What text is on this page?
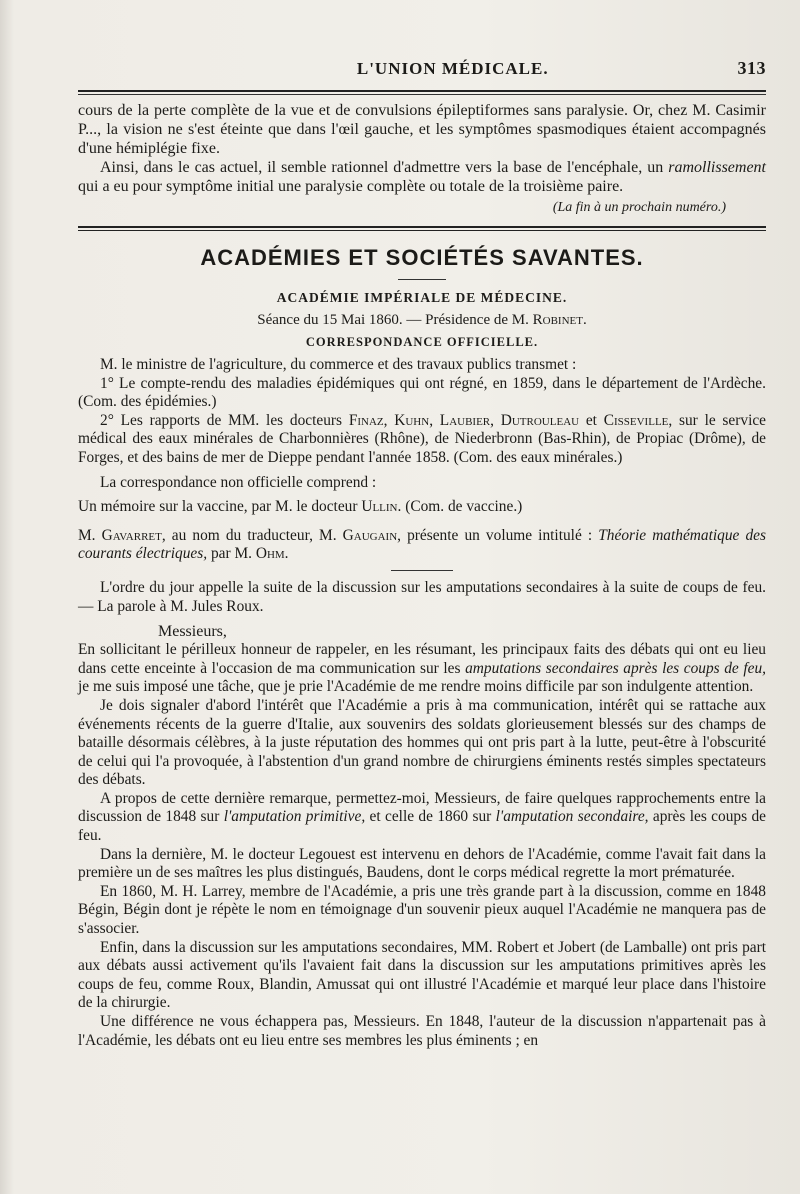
L'UNION MÉDICALE.	313

cours de la perte complète de la vue et de convulsions épileptiformes sans paralysie. Or, chez M. Casimir P..., la vision ne s'est éteinte que dans l'œil gauche, et les symptômes spasmodiques étaient accompagnés d'une hémiplégie fixe.

Ainsi, dans le cas actuel, il semble rationnel d'admettre vers la base de l'encéphale, un ramollissement qui a eu pour symptôme initial une paralysie complète ou totale de la troisième paire.

(La fin à un prochain numéro.)
ACADÉMIES ET SOCIÉTÉS SAVANTES.
ACADÉMIE IMPÉRIALE DE MÉDECINE.
Séance du 15 Mai 1860. — Présidence de M. Robinet.
CORRESPONDANCE OFFICIELLE.

M. le ministre de l'agriculture, du commerce et des travaux publics transmet :

1° Le compte-rendu des maladies épidémiques qui ont régné, en 1859, dans le département de l'Ardèche. (Com. des épidémies.)

2° Les rapports de MM. les docteurs Finaz, Kuhn, Laubier, Dutrouleau et Cisseville, sur le service médical des eaux minérales de Charbonnières (Rhône), de Niederbronn (Bas-Rhin), de Propiac (Drôme), de Forges, et des bains de mer de Dieppe pendant l'année 1858. (Com. des eaux minérales.)

La correspondance non officielle comprend :

Un mémoire sur la vaccine, par M. le docteur Ullin. (Com. de vaccine.)

M. Gavarret, au nom du traducteur, M. Gaugain, présente un volume intitulé : Théorie mathématique des courants électriques, par M. Ohm.

L'ordre du jour appelle la suite de la discussion sur les amputations secondaires à la suite de coups de feu. — La parole à M. Jules Roux.

Messieurs,

En sollicitant le périlleux honneur de rappeler, en les résumant, les principaux faits des débats qui ont eu lieu dans cette enceinte à l'occasion de ma communication sur les amputations secondaires après les coups de feu, je me suis imposé une tâche, que je prie l'Académie de me rendre moins difficile par son indulgente attention.

Je dois signaler d'abord l'intérêt que l'Académie a pris à ma communication, intérêt qui se rattache aux événements récents de la guerre d'Italie, aux souvenirs des soldats glorieusement blessés sur des champs de bataille désormais célèbres, à la juste réputation des hommes qui ont pris part à la lutte, peut-être à l'obscurité de celui qui l'a provoquée, à l'abstention d'un grand nombre de chirurgiens éminents restés simples spectateurs des débats.

A propos de cette dernière remarque, permettez-moi, Messieurs, de faire quelques rapprochements entre la discussion de 1848 sur l'amputation primitive, et celle de 1860 sur l'amputation secondaire, après les coups de feu.

Dans la dernière, M. le docteur Legouest est intervenu en dehors de l'Académie, comme l'avait fait dans la première un de ses maîtres les plus distingués, Baudens, dont le corps médical regrette la mort prématurée.

En 1860, M. H. Larrey, membre de l'Académie, a pris une très grande part à la discussion, comme en 1848 Bégin, Bégin dont je répète le nom en témoignage d'un souvenir pieux auquel l'Académie ne manquera pas de s'associer.

Enfin, dans la discussion sur les amputations secondaires, MM. Robert et Jobert (de Lamballe) ont pris part aux débats aussi activement qu'ils l'avaient fait dans la discussion sur les amputations primitives après les coups de feu, comme Roux, Blandin, Amussat qui ont illustré l'Académie et marqué leur place dans l'histoire de la chirurgie.

Une différence ne vous échappera pas, Messieurs. En 1848, l'auteur de la discussion n'appartenait pas à l'Académie, les débats ont eu lieu entre ses membres les plus éminents ; en
